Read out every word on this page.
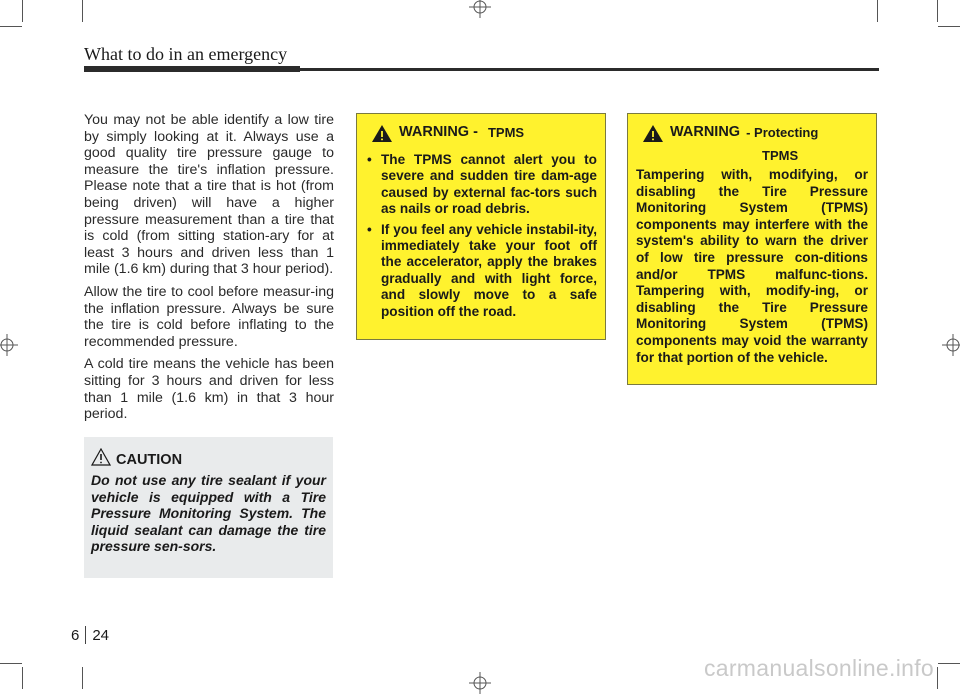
What to do in an emergency

You may not be able identify a low tire by simply looking at it. Always use a good quality tire pressure gauge to measure the tire's inflation pressure. Please note that a tire that is hot (from being driven) will have a higher pressure measurement than a tire that is cold (from sitting station-ary for at least 3 hours and driven less than 1 mile (1.6 km) during that 3 hour period).

Allow the tire to cool before measur-ing the inflation pressure. Always be sure the tire is cold before inflating to the recommended pressure.

A cold tire means the vehicle has been sitting for 3 hours and driven for less than 1 mile (1.6 km) in that 3 hour period.

CAUTION
Do not use any tire sealant if your vehicle is equipped with a Tire Pressure Monitoring System. The liquid sealant can damage the tire pressure sen-sors.
WARNING - TPMS
• The TPMS cannot alert you to severe and sudden tire dam-age caused by external fac-tors such as nails or road debris.
• If you feel any vehicle instabil-ity, immediately take your foot off the accelerator, apply the brakes gradually and with light force, and slowly move to a safe position off the road.
WARNING - Protecting
TPMS
Tampering with, modifying, or disabling the Tire Pressure Monitoring System (TPMS) components may interfere with the system's ability to warn the driver of low tire pressure con-ditions and/or TPMS malfunc-tions. Tampering with, modify-ing, or disabling the Tire Pressure Monitoring System (TPMS) components may void the warranty for that portion of the vehicle.
6 24
carmanualsonline.info
